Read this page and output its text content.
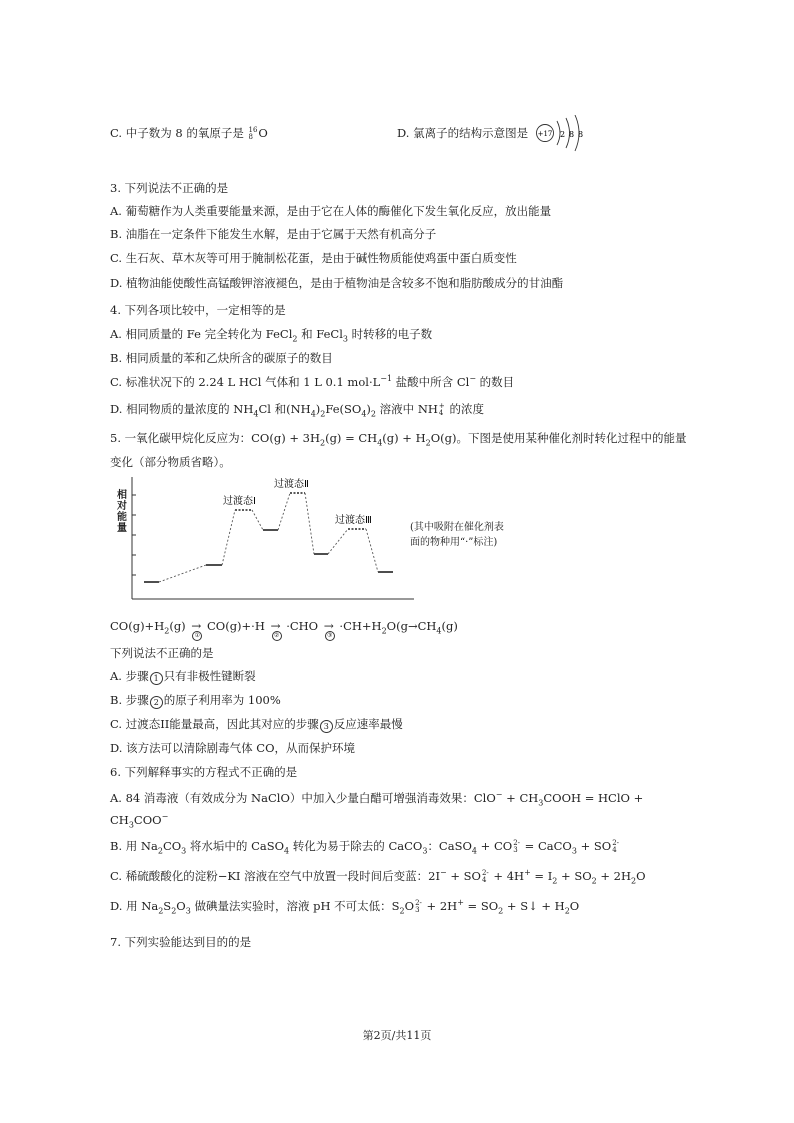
C. 中子数为 8 的氧原子是 16
8 O	D. 氯离子的结构示意图是 +17 2 8 8
3. 下列说法不正确的是
A. 葡萄糖作为人类重要能量来源，是由于它在人体的酶催化下发生氧化反应，放出能量
B. 油脂在一定条件下能发生水解，是由于它属于天然有机高分子
C. 生石灰、草木灰等可用于腌制松花蛋，是由于碱性物质能使鸡蛋中蛋白质变性
D. 植物油能使酸性高锰酸钾溶液褪色，是由于植物油是含较多不饱和脂肪酸成分的甘油酯
4. 下列各项比较中，一定相等的是
A. 相同质量的 Fe 完全转化为 FeCl$_2$ 和 FeCl$_3$ 时转移的电子数
B. 相同质量的苯和乙炔所含的碳原子的数目
C. 标准状况下的 2.24 L HCl 气体和 1 L 0.1 $mol\cdot L^{-1}$ 盐酸中所含 Cl− 的数目
D. 相同物质的量浓度的 $NH_4Cl$ 和$(NH_4)_2Fe(SO_4)_2$ 溶液中 NH +
4 的浓度
5. 一氧化碳甲烷化反应为：$CO(g) + 3H_2(g) = CH_4(g) + H_2O(g)$。下图是使用某种催化剂时转化过程中的能量
变化（部分物质省略）。
相对能量
过渡态Ⅰ
过渡态Ⅱ
过渡态Ⅲ
(其中吸附在催化剂表
面的物种用“·”标注)
$CO(g)+H_2(g)$ →
①
CO(g)+·H →
②
·CHO →
③
$\cdot CH+H_2O(g\to CH_4(g)$
下列说法不正确的是
A. 步骤 1 只有非极性键断裂
B. 步骤 2 的原子利用率为 100%
C. 过渡态II能量最高，因此其对应的步骤 3 反应速率最慢
D. 该方法可以清除剧毒气体 CO，从而保护环境
6. 下列解释事实的方程式不正确的是
A. 84 消毒液（有效成分为 NaClO）中加入少量白醋可增强消毒效果：$ClO^- + CH_3COOH$ = HClO +
$CH_3COO^-$
B. 用 $Na_2CO_3$ 将水垢中的 CaSO$_4$ 转化为易于除去的 CaCO$_3$：CaSO$_4$ + CO 2-
3 = CaCO$_3$ + SO 2-
4
C. 稀硫酸酸化的淀粉−KI 溶液在空气中放置一段时间后变蓝：2I− + SO 2-
$4 + 4H^+ = I_2 + SO_2 + 2H_2O$
D. 用 $Na_2S_2O_3$ 做碘量法实验时，溶液 pH 不可太低：$S_2O$ 2-
$3 + 2H^+ = SO_2$ + S↓ + $H_2O$
7. 下列实验能达到目的的是
第2页/共11页
